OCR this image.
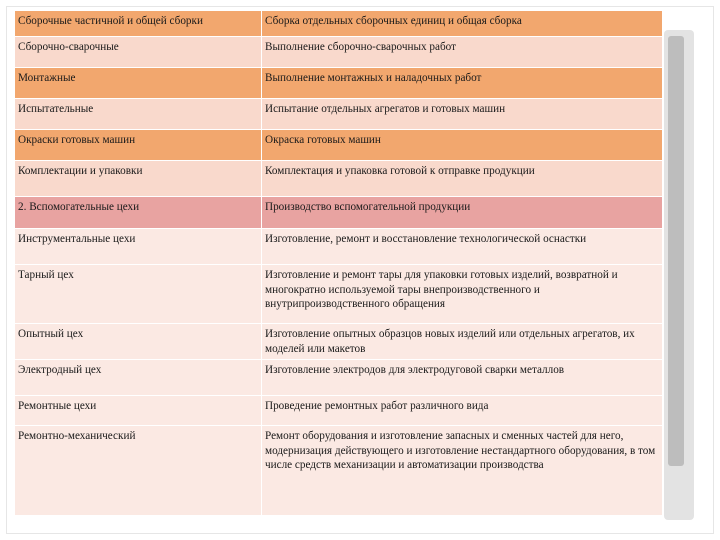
Сборочные частичной и общей сборки	Сборка отдельных сборочных единиц и общая сборка
Сборочно-сварочные	Выполнение сборочно-сварочных работ
Монтажные	Выполнение монтажных и наладочных работ
Испытательные	Испытание отдельных агрегатов и готовых машин
Окраски готовых машин	Окраска готовых машин
Комплектации и упаковки	Комплектация и упаковка готовой к отправке продукции
2. Вспомогательные цехи	Производство вспомогательной продукции
Инструментальные цехи	Изготовление, ремонт и восстановление технологической оснастки
Тарный цех	Изготовление и ремонт тары для упаковки готовых изделий, возвратной и многократно используемой тары внепроизводственного и внутрипроизводственного обращения
Опытный цех	Изготовление опытных образцов новых изделий или отдельных агрегатов, их моделей или макетов
Электродный цех	Изготовление электродов для электродуговой сварки металлов
Ремонтные цехи	Проведение ремонтных работ различного вида
Ремонтно-механический	Ремонт оборудования и изготовление запасных и сменных частей для него, модернизация действующего и изготовление нестандартного оборудования, в том числе средств механизации и автоматизации производства
